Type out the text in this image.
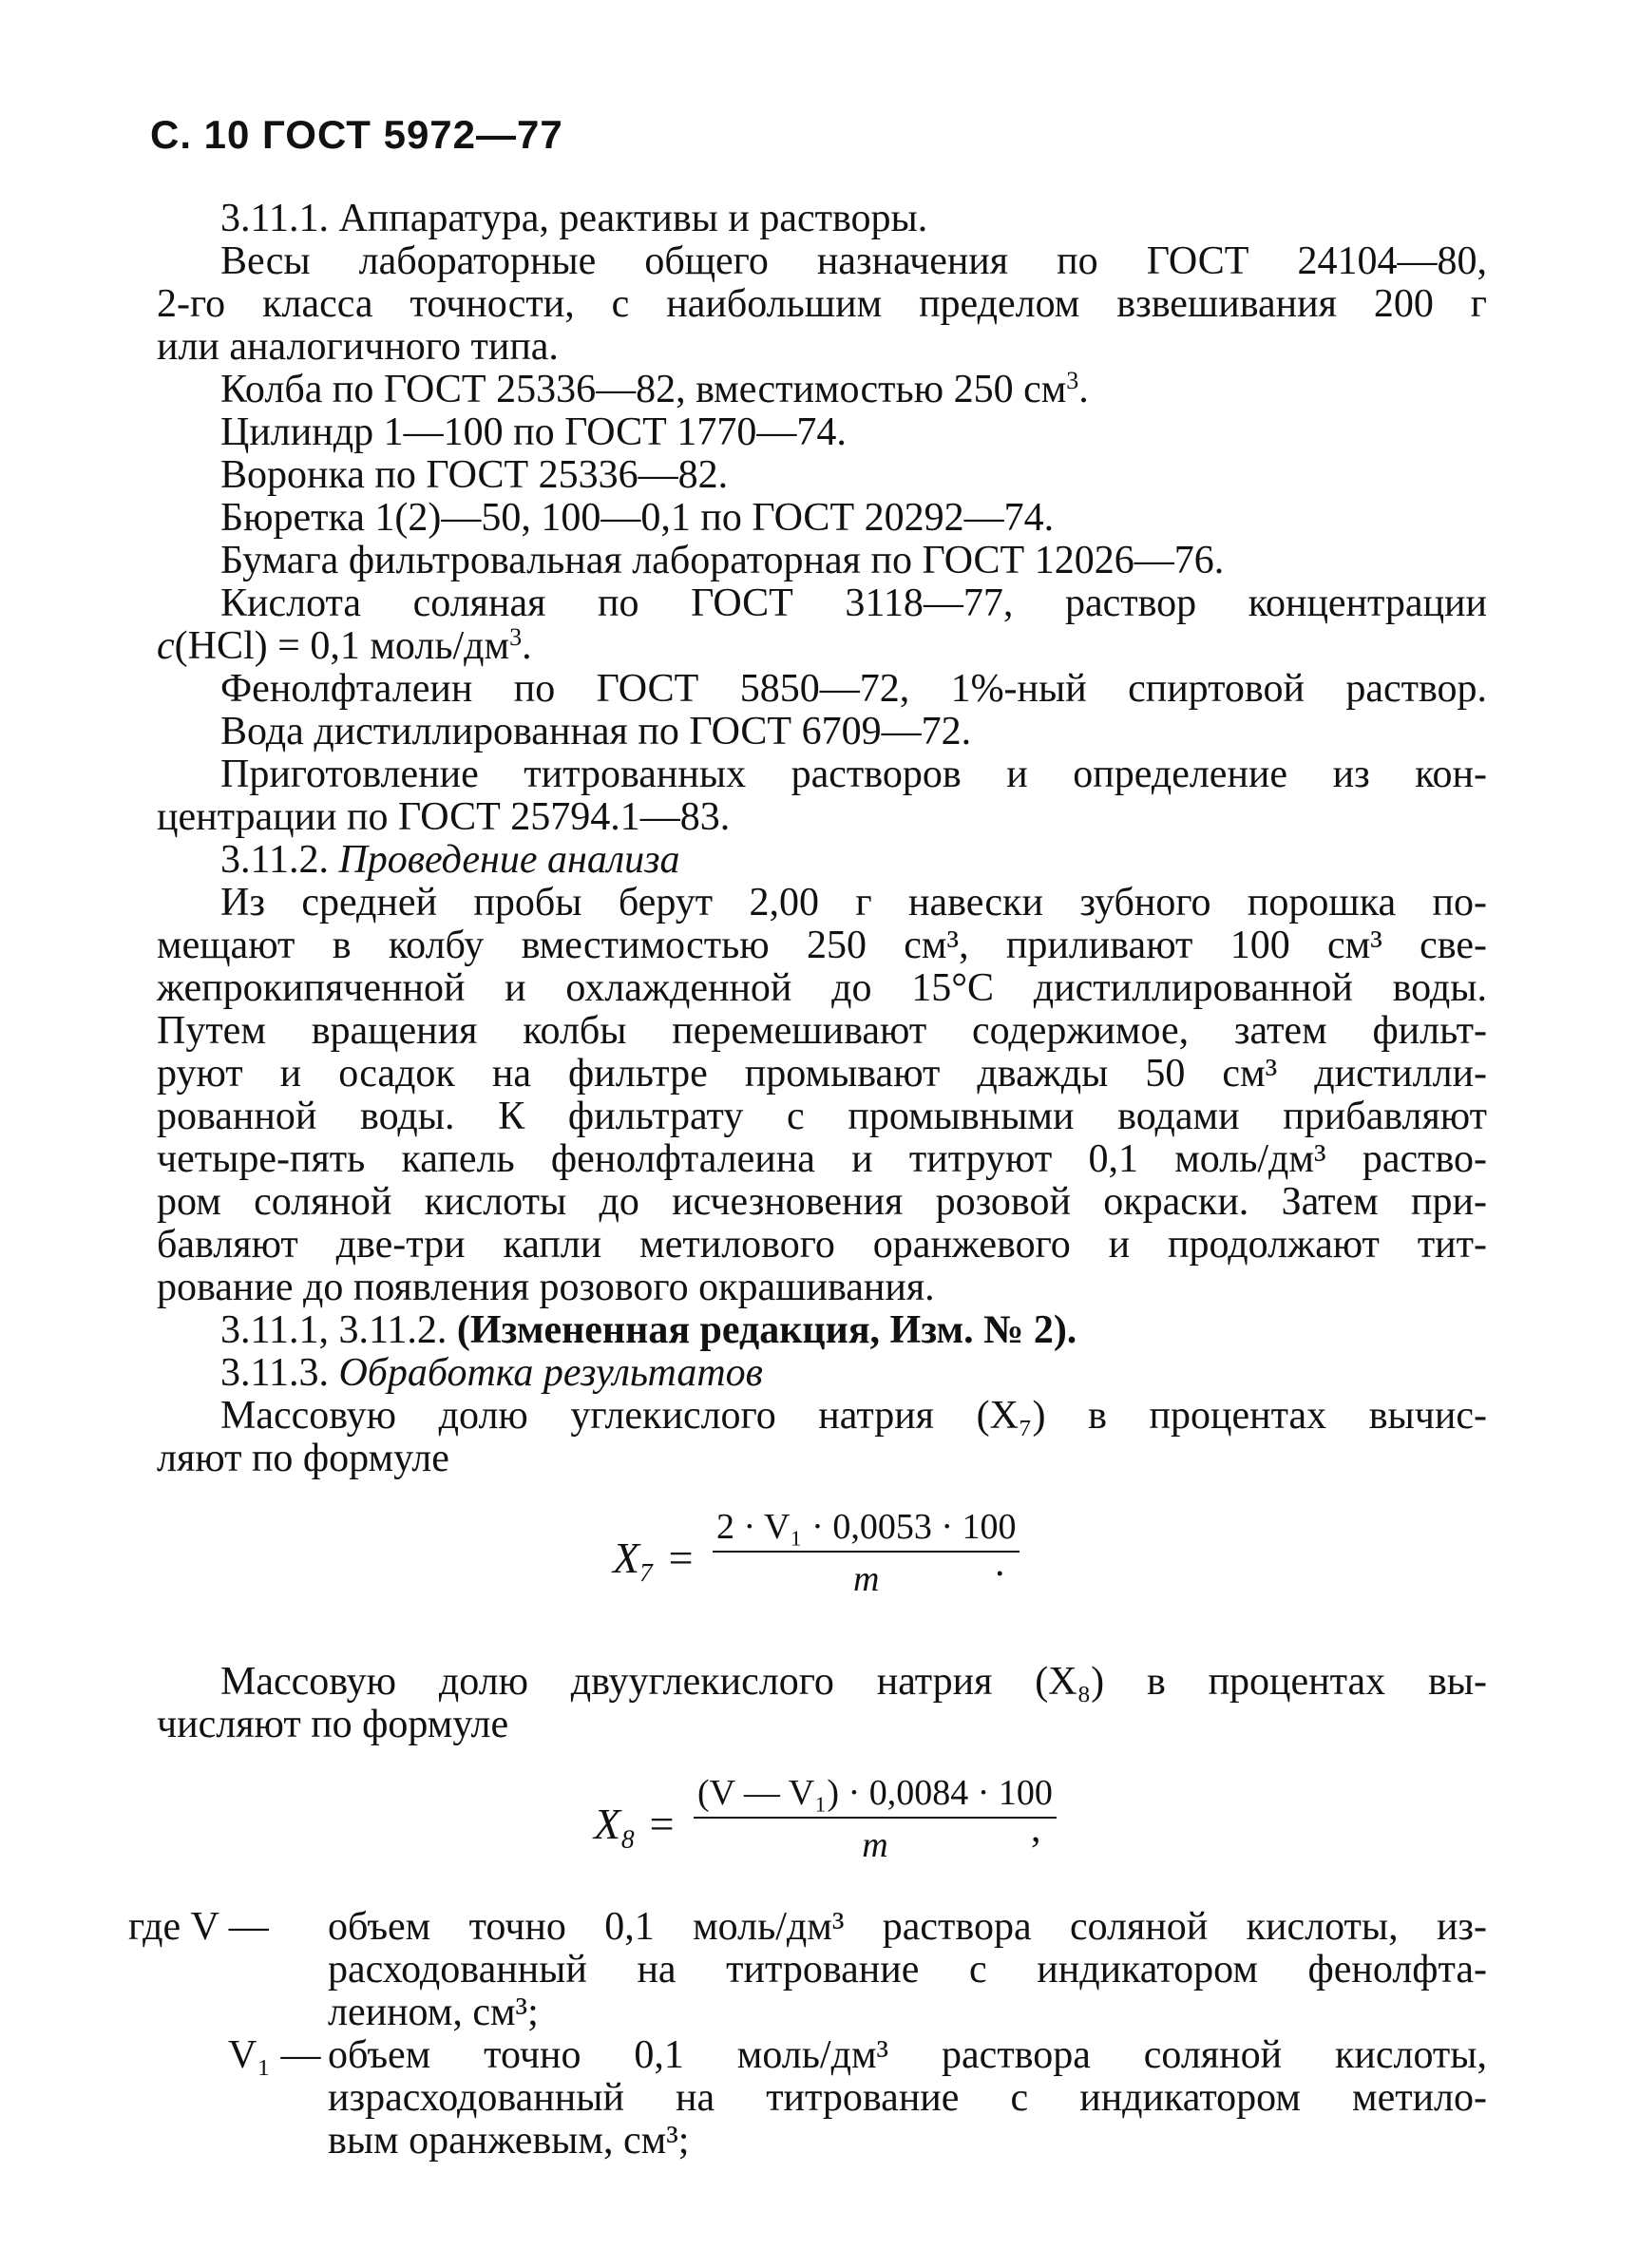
С. 10 ГОСТ 5972—77
3.11.1. Аппаратура, реактивы и растворы.
Весы лабораторные общего назначения по ГОСТ 24104—80,
2-го класса точности, с наибольшим пределом взвешивания 200 г
или аналогичного типа.
Колба по ГОСТ 25336—82, вместимостью 250 $см^3$.
Цилиндр 1—100 по ГОСТ 1770—74.
Воронка по ГОСТ 25336—82.
Бюретка 1(2)—50, 100—0,1 по ГОСТ 20292—74.
Бумага фильтровальная лабораторная по ГОСТ 12026—76.
Кислота соляная по ГОСТ 3118—77, раствор концентрации
c(HCl) = 0,1 моль/$дм^3$.
Фенолфталеин по ГОСТ 5850—72, 1%-ный спиртовой раствор.
Вода дистиллированная по ГОСТ 6709—72.
Приготовление титрованных растворов и определение из кон-
центрации по ГОСТ 25794.1—83.
3.11.2. Проведение анализа
Из средней пробы берут 2,00 г навески зубного порошка по-
мещают в колбу вместимостью 250 см³, приливают 100 см³ све-
жепрокипяченной и охлажденной до 15°C дистиллированной воды.
Путем вращения колбы перемешивают содержимое, затем фильт-
руют и осадок на фильтре промывают дважды 50 см³ дистилли-
рованной воды. К фильтрату с промывными водами прибавляют
четыре-пять капель фенолфталеина и титруют 0,1 моль/дм³ раство-
ром соляной кислоты до исчезновения розовой окраски. Затем при-
бавляют две-три капли метилового оранжевого и продолжают тит-
рование до появления розового окрашивания.
3.11.1, 3.11.2. (Измененная редакция, Изм. № 2).
3.11.3. Обработка результатов
Массовую долю углекислого натрия (X₇) в процентах вычис-
ляют по формуле
$X_7 = \frac{\text{2 · V₁ · 0,0053 · 100}}{m}$
.
Массовую долю двууглекислого натрия (X₈) в процентах вы-
числяют по формуле
$X_8 = \frac{\text{(V — V₁) · 0,0084 · 100}}{m}$
,
где V — объем точно 0,1 моль/дм³ раствора соляной кислоты, из-
расходованный на титрование с индикатором фенолфта-
леином, см³;
V₁ — объем точно 0,1 моль/дм³ раствора соляной кислоты,
израсходованный на титрование с индикатором метило-
вым оранжевым, см³;
